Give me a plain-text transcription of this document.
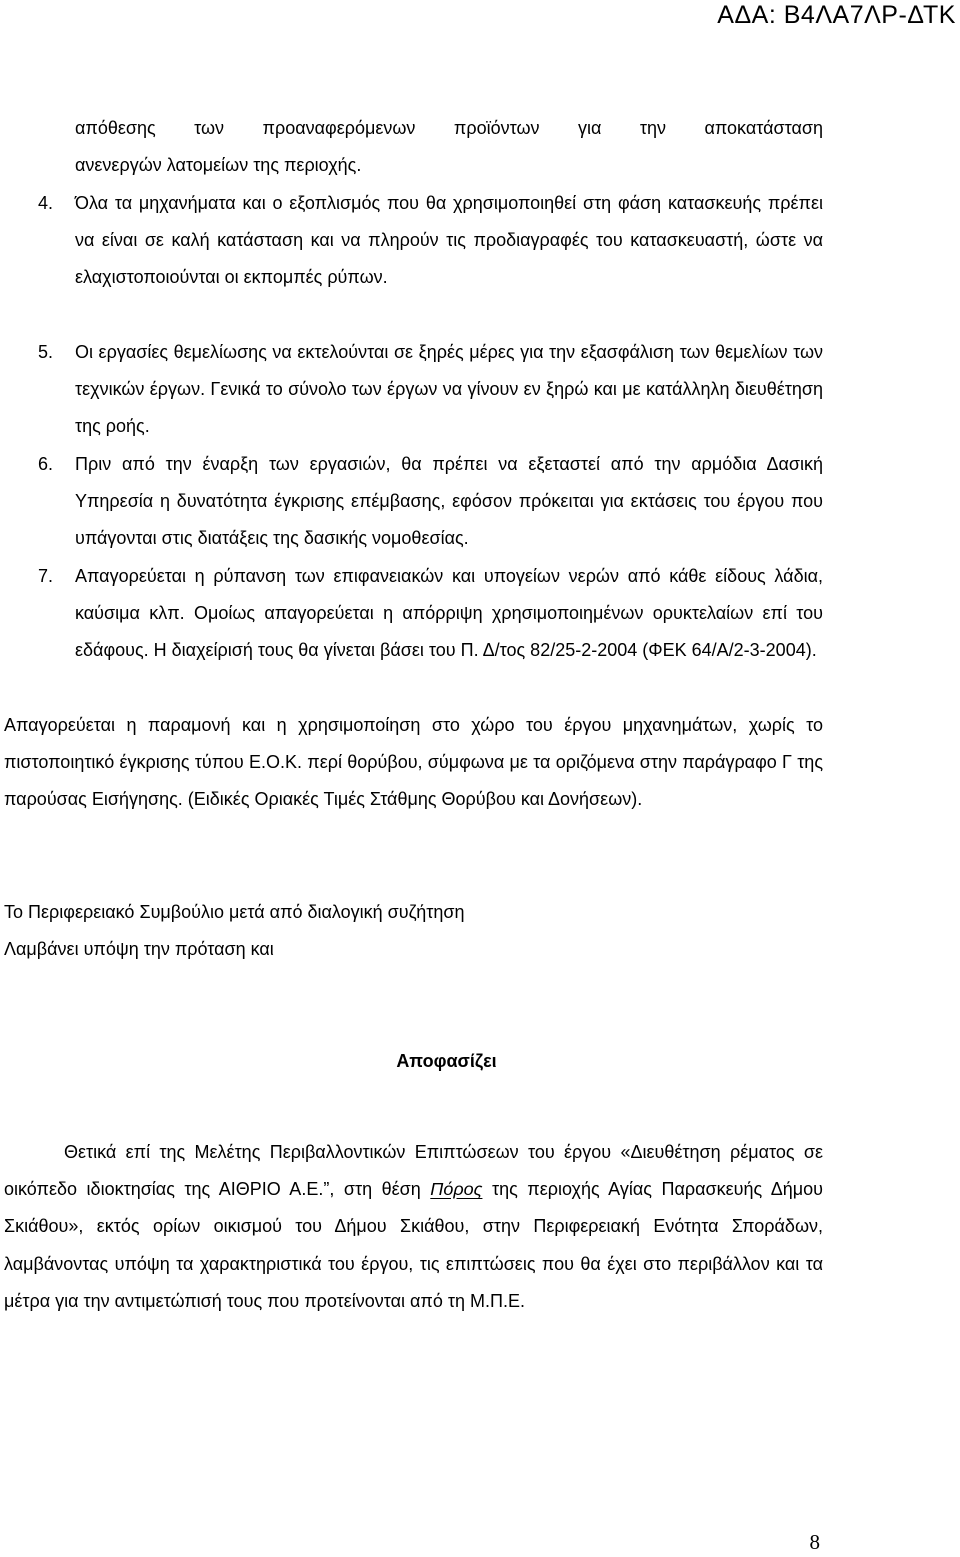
ΑΔΑ: Β4ΛΑ7ΛΡ-ΔΤΚ
απόθεσης των προαναφερόμενων προϊόντων για την αποκατάσταση
ανενεργών λατομείων της περιοχής.
4. Όλα τα μηχανήματα και ο εξοπλισμός που θα χρησιμοποιηθεί στη φάση κατασκευής πρέπει να είναι σε καλή κατάσταση και να πληρούν τις προδιαγραφές του κατασκευαστή, ώστε να ελαχιστοποιούνται οι εκπομπές ρύπων.
5. Οι εργασίες θεμελίωσης να εκτελούνται σε ξηρές μέρες για την εξασφάλιση των θεμελίων των τεχνικών έργων. Γενικά το σύνολο των έργων να γίνουν εν ξηρώ και με κατάλληλη διευθέτηση της ροής.
6. Πριν από την έναρξη των εργασιών, θα πρέπει να εξεταστεί από την αρμόδια Δασική Υπηρεσία η δυνατότητα έγκρισης επέμβασης, εφόσον πρόκειται για εκτάσεις του έργου που υπάγονται στις διατάξεις της δασικής νομοθεσίας.
7. Απαγορεύεται η ρύπανση των επιφανειακών και υπογείων νερών από κάθε είδους λάδια, καύσιμα κλπ. Ομοίως απαγορεύεται η απόρριψη χρησιμοποιημένων ορυκτελαίων επί του εδάφους. Η διαχείρισή τους θα γίνεται βάσει του Π. Δ/τος 82/25-2-2004 (ΦΕΚ 64/Α/2-3-2004).
Απαγορεύεται η παραμονή και η χρησιμοποίηση στο χώρο του έργου μηχανημάτων, χωρίς το πιστοποιητικό έγκρισης τύπου Ε.Ο.Κ. περί θορύβου, σύμφωνα με τα οριζόμενα στην παράγραφο Γ της παρούσας Εισήγησης. (Ειδικές Οριακές Τιμές Στάθμης Θορύβου και Δονήσεων).
Το Περιφερειακό Συμβούλιο μετά από διαλογική συζήτηση
Λαμβάνει υπόψη την πρόταση και
Αποφασίζει
Θετικά επί της Μελέτης Περιβαλλοντικών Επιπτώσεων του έργου «Διευθέτηση ρέματος σε οικόπεδο ιδιοκτησίας της ΑΙΘΡΙΟ Α.Ε.”, στη θέση Πόρος της περιοχής Αγίας Παρασκευής Δήμου Σκιάθου», εκτός ορίων οικισμού του Δήμου Σκιάθου, στην Περιφερειακή Ενότητα Σποράδων, λαμβάνοντας υπόψη τα χαρακτηριστικά του έργου, τις επιπτώσεις που θα έχει στο περιβάλλον και τα μέτρα για την αντιμετώπισή τους που προτείνονται από τη Μ.Π.Ε.
8
